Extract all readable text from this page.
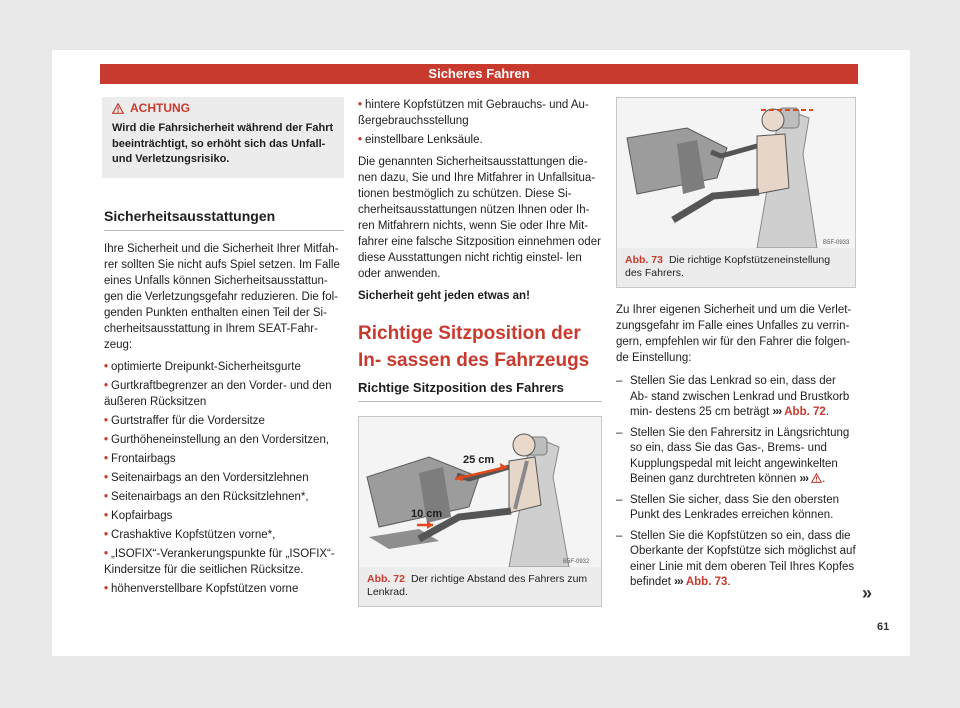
Sicheres Fahren
ACHTUNG
Wird die Fahrsicherheit während der Fahrt beeinträchtigt, so erhöht sich das Unfall- und Verletzungsrisiko.
Sicherheitsausstattungen

Ihre Sicherheit und die Sicherheit Ihrer Mitfah- rer sollten Sie nicht aufs Spiel setzen. Im Falle eines Unfalls können Sicherheitsausstattun- gen die Verletzungsgefahr reduzieren. Die fol- genden Punkten enthalten einen Teil der Si- cherheitsausstattung in Ihrem SEAT-Fahr- zeug:

• optimierte Dreipunkt-Sicherheitsgurte
• Gurtkraftbegrenzer an den Vorder- und den äußeren Rücksitzen
• Gurtstraffer für die Vordersitze
• Gurthöheneinstellung an den Vordersitzen,
• Frontairbags
• Seitenairbags an den Vordersitzlehnen
• Seitenairbags an den Rücksitzlehnen*,
• Kopfairbags
• Crashaktive Kopfstützen vorne*,
• „ISOFIX“-Verankerungspunkte für „ISOFIX“- Kindersitze für die seitlichen Rücksitze.
• höhenverstellbare Kopfstützen vorne
• hintere Kopfstützen mit Gebrauchs- und Au- ßergebrauchsstellung
• einstellbare Lenksäule.

Die genannten Sicherheitsausstattungen die- nen dazu, Sie und Ihre Mitfahrer in Unfallsitua- tionen bestmöglich zu schützen. Diese Si- cherheitsausstattungen nützen Ihnen oder Ih- ren Mitfahrern nichts, wenn Sie oder Ihre Mit- fahrer eine falsche Sitzposition einnehmen oder diese Ausstattungen nicht richtig einstel- len oder anwenden.

Sicherheit geht jeden etwas an!
Richtige Sitzposition der In- sassen des Fahrzeugs
Richtige Sitzposition des Fahrers
25 cm
10 cm
B5F-0932
Abb. 72 Der richtige Abstand des Fahrers zum Lenkrad.
B5F-0933
Abb. 73 Die richtige Kopfstützeneinstellung des Fahrers.

Zu Ihrer eigenen Sicherheit und um die Verlet- zungsgefahr im Falle eines Unfalles zu verrin- gern, empfehlen wir für den Fahrer die folgen- de Einstellung:

– Stellen Sie das Lenkrad so ein, dass der Ab- stand zwischen Lenkrad und Brustkorb min- destens 25 cm beträgt ››› Abb. 72.
– Stellen Sie den Fahrersitz in Längsrichtung so ein, dass Sie das Gas-, Brems- und Kupplungspedal mit leicht angewinkelten Beinen ganz durchtreten können ››› .
– Stellen Sie sicher, dass Sie den obersten Punkt des Lenkrades erreichen können.
– Stellen Sie die Kopfstützen so ein, dass die Oberkante der Kopfstütze sich möglichst auf einer Linie mit dem oberen Teil Ihres Kopfes befindet ››› Abb. 73.
»
61
